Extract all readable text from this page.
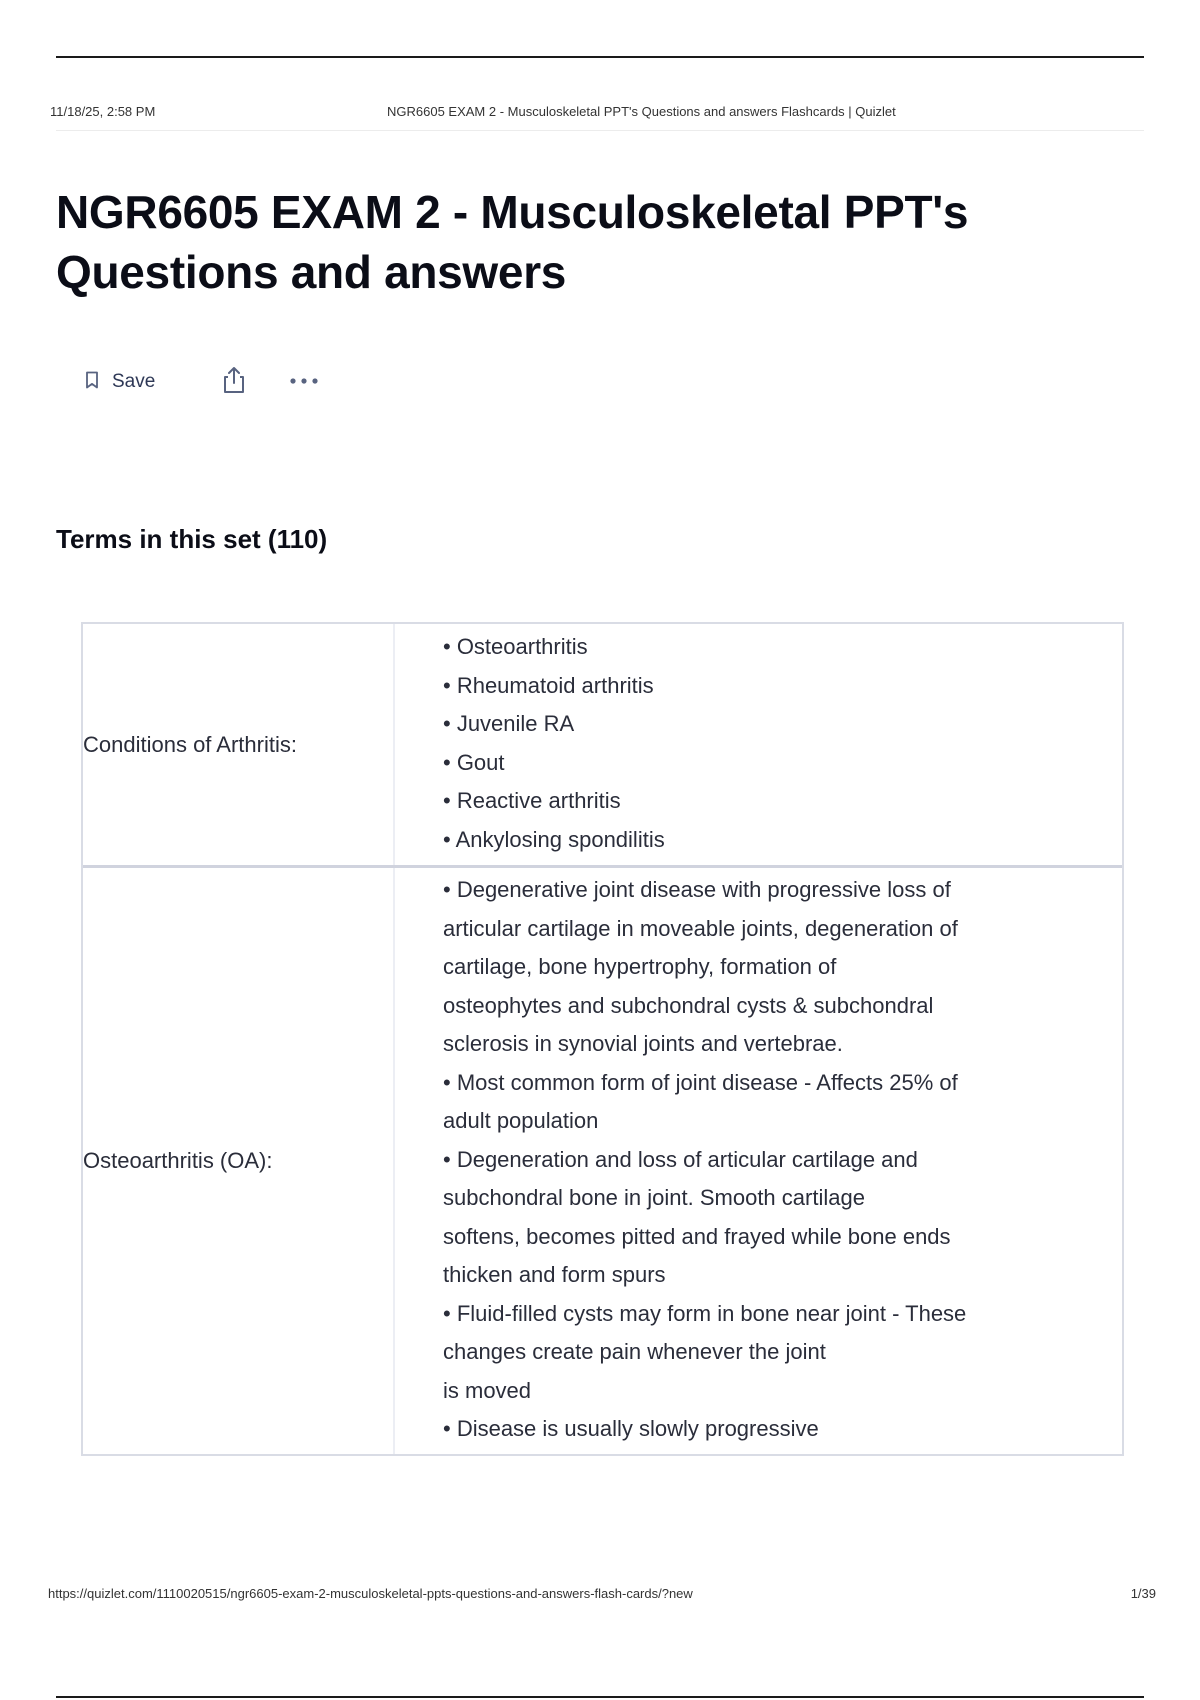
11/18/25, 2:58 PM	NGR6605 EXAM 2 - Musculoskeletal PPT's Questions and answers Flashcards | Quizlet
NGR6605 EXAM 2 - Musculoskeletal PPT's
Questions and answers
Save
Terms in this set (110)
Conditions of Arthritis:
• Osteoarthritis
• Rheumatoid arthritis
• Juvenile RA
• Gout
• Reactive arthritis
• Ankylosing spondilitis
Osteoarthritis (OA):
• Degenerative joint disease with progressive loss of
articular cartilage in moveable joints, degeneration of
cartilage, bone hypertrophy, formation of
osteophytes and subchondral cysts & subchondral
sclerosis in synovial joints and vertebrae.
• Most common form of joint disease - Affects 25% of
adult population
• Degeneration and loss of articular cartilage and
subchondral bone in joint. Smooth cartilage
softens, becomes pitted and frayed while bone ends
thicken and form spurs
• Fluid-filled cysts may form in bone near joint - These
changes create pain whenever the joint
is moved
• Disease is usually slowly progressive
https://quizlet.com/1110020515/ngr6605-exam-2-musculoskeletal-ppts-questions-and-answers-flash-cards/?new	1/39
